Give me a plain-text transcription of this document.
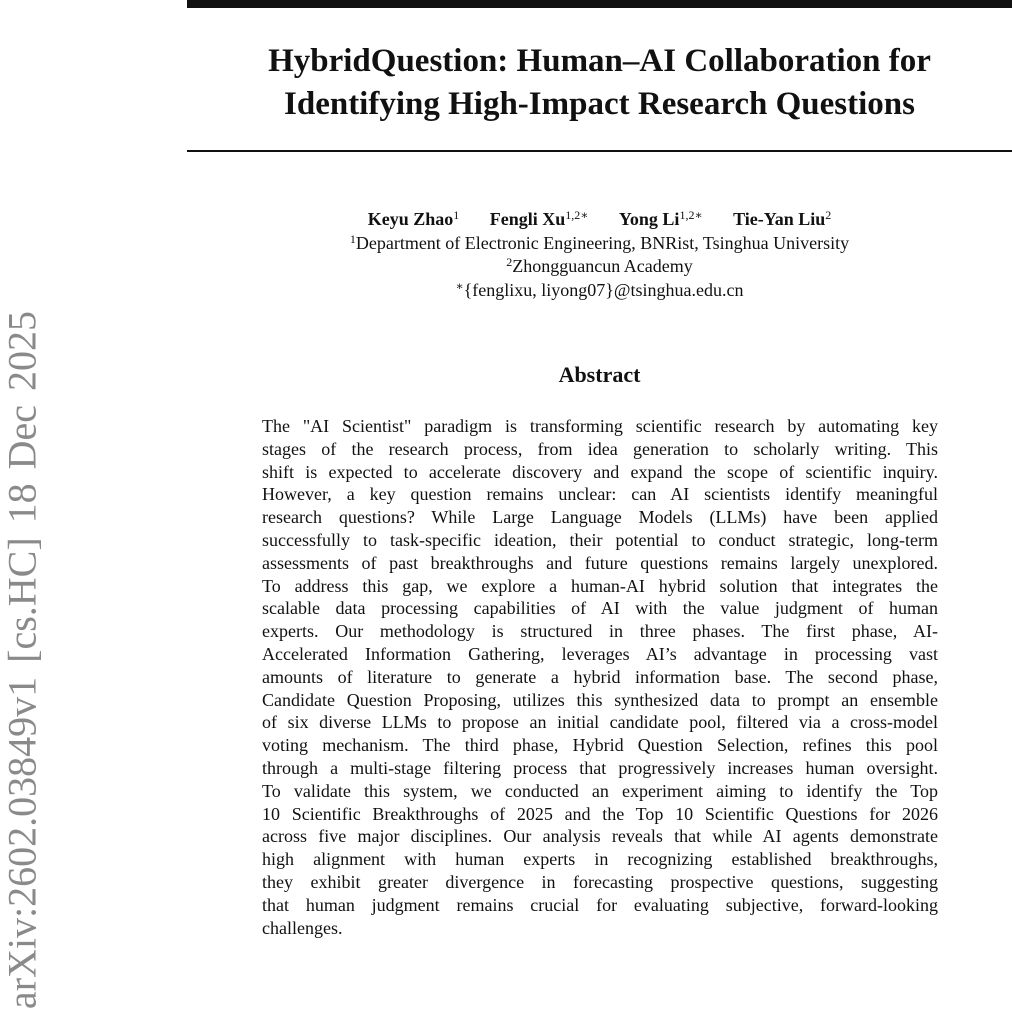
arXiv:2602.03849v1 [cs.HC] 18 Dec 2025
HybridQuestion: Human–AI Collaboration for
Identifying High-Impact Research Questions
Keyu Zhao$^1$ Fengli $Xu^{1,2∗}$ Yong $Li^{1,2∗}$ Tie-Yan Liu$^2$
$^1$Department of Electronic Engineering, BNRist, Tsinghua University
$^2$Zhongguancun Academy
∗{fenglixu, liyong07}@tsinghua.edu.cn
Abstract
The "AI Scientist" paradigm is transforming scientific research by automating key
stages of the research process, from idea generation to scholarly writing. This
shift is expected to accelerate discovery and expand the scope of scientific inquiry.
However, a key question remains unclear: can AI scientists identify meaningful
research questions? While Large Language Models (LLMs) have been applied
successfully to task-specific ideation, their potential to conduct strategic, long-term
assessments of past breakthroughs and future questions remains largely unexplored.
To address this gap, we explore a human-AI hybrid solution that integrates the
scalable data processing capabilities of AI with the value judgment of human
experts. Our methodology is structured in three phases. The first phase, AI-
Accelerated Information Gathering, leverages AI’s advantage in processing vast
amounts of literature to generate a hybrid information base. The second phase,
Candidate Question Proposing, utilizes this synthesized data to prompt an ensemble
of six diverse LLMs to propose an initial candidate pool, filtered via a cross-model
voting mechanism. The third phase, Hybrid Question Selection, refines this pool
through a multi-stage filtering process that progressively increases human oversight.
To validate this system, we conducted an experiment aiming to identify the Top
10 Scientific Breakthroughs of 2025 and the Top 10 Scientific Questions for 2026
across five major disciplines. Our analysis reveals that while AI agents demonstrate
high alignment with human experts in recognizing established breakthroughs,
they exhibit greater divergence in forecasting prospective questions, suggesting
that human judgment remains crucial for evaluating subjective, forward-looking
challenges.
